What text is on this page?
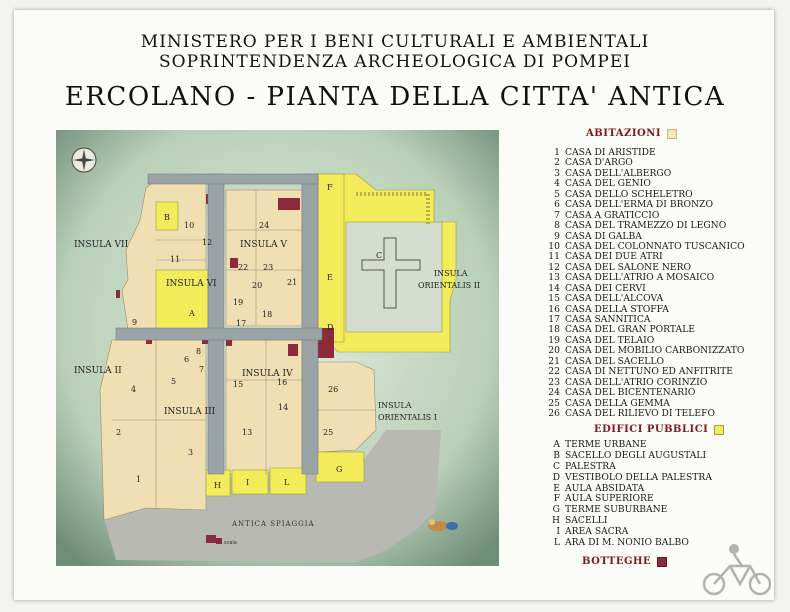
MINISTERO PER I BENI CULTURALI E AMBIENTALI
SOPRINTENDENZA ARCHEOLOGICA DI POMPEI
ERCOLANO - PIANTA DELLA CITTA' ANTICA
INSULA VII
INSULA II
INSULA III
INSULA VI
INSULA V
INSULA IV
INSULA
ORIENTALIS II
INSULA
ORIENTALIS I
ANTICA SPIAGGIA
1
2
3
4
5
6
7
8
9
10
11
12
13
14
15	16
17
18
19
20	21
22 23
24
25
26
A
B
C
D
E
F
G
H	I	L
scala
ABITAZIONI
1 CASA DI ARISTIDE
2 CASA D'ARGO
3 CASA DELL'ALBERGO
4 CASA DEL GENIO
5 CASA DELLO SCHELETRO
6 CASA DELL'ERMA DI BRONZO
7 CASA A GRATICCIO
8 CASA DEL TRAMEZZO DI LEGNO
9 CASA DI GALBA
10 CASA DEL COLONNATO TUSCANICO
11 CASA DEI DUE ATRI
12 CASA DEL SALONE NERO
13 CASA DELL'ATRIO A MOSAICO
14 CASA DEI CERVI
15 CASA DELL'ALCOVA
16 CASA DELLA STOFFA
17 CASA SANNITICA
18 CASA DEL GRAN PORTALE
19 CASA DEL TELAIO
20 CASA DEL MOBILIO CARBONIZZATO
21 CASA DEL SACELLO
22 CASA DI NETTUNO ED ANFITRITE
23 CASA DELL'ATRIO CORINZIO
24 CASA DEL BICENTENARIO
25 CASA DELLA GEMMA
26 CASA DEL RILIEVO DI TELEFO
EDIFICI PUBBLICI
A TERME URBANE
B SACELLO DEGLI AUGUSTALI
C PALESTRA
D VESTIBOLO DELLA PALESTRA
E AULA ABSIDATA
F AULA SUPERIORE
G TERME SUBURBANE
H SACELLI
I AREA SACRA
L ARA DI M. NONIO BALBO
BOTTEGHE
